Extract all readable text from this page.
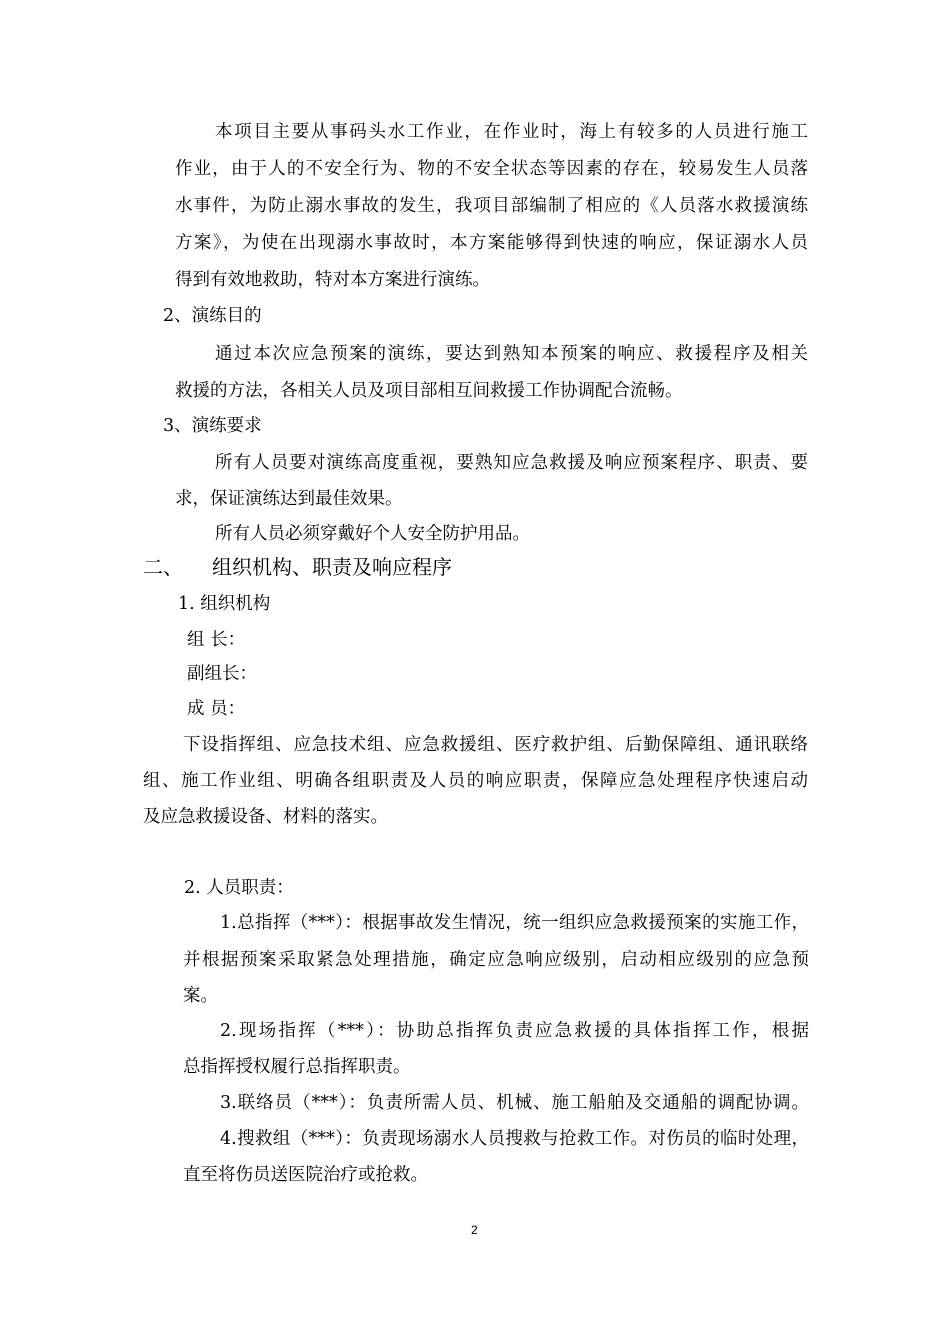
本项目主要从事码头水工作业，在作业时，海上有较多的人员进行施工
作业，由于人的不安全行为、物的不安全状态等因素的存在，较易发生人员落
水事件，为防止溺水事故的发生，我项目部编制了相应的《人员落水救援演练
方案》，为使在出现溺水事故时，本方案能够得到快速的响应，保证溺水人员
得到有效地救助，特对本方案进行演练。
2、演练目的
通过本次应急预案的演练，要达到熟知本预案的响应、救援程序及相关
救援的方法，各相关人员及项目部相互间救援工作协调配合流畅。
3、演练要求
所有人员要对演练高度重视，要熟知应急救援及响应预案程序、职责、要
求，保证演练达到最佳效果。
所有人员必须穿戴好个人安全防护用品。
二、 组织机构、职责及响应程序
1. 组织机构
组 长：
副组长：
成 员：
下设指挥组、应急技术组、应急救援组、医疗救护组、后勤保障组、通讯联络
组、施工作业组、明确各组职责及人员的响应职责，保障应急处理程序快速启动
及应急救援设备、材料的落实。
2. 人员职责：
1.总指挥（***）：根据事故发生情况，统一组织应急救援预案的实施工作，
并根据预案采取紧急处理措施，确定应急响应级别，启动相应级别的应急预
案。
2.现场指挥（***）：协助总指挥负责应急救援的具体指挥工作，根据
总指挥授权履行总指挥职责。
3.联络员（***）：负责所需人员、机械、施工船舶及交通船的调配协调。
4.搜救组（***）：负责现场溺水人员搜救与抢救工作。对伤员的临时处理，
直至将伤员送医院治疗或抢救。
2
